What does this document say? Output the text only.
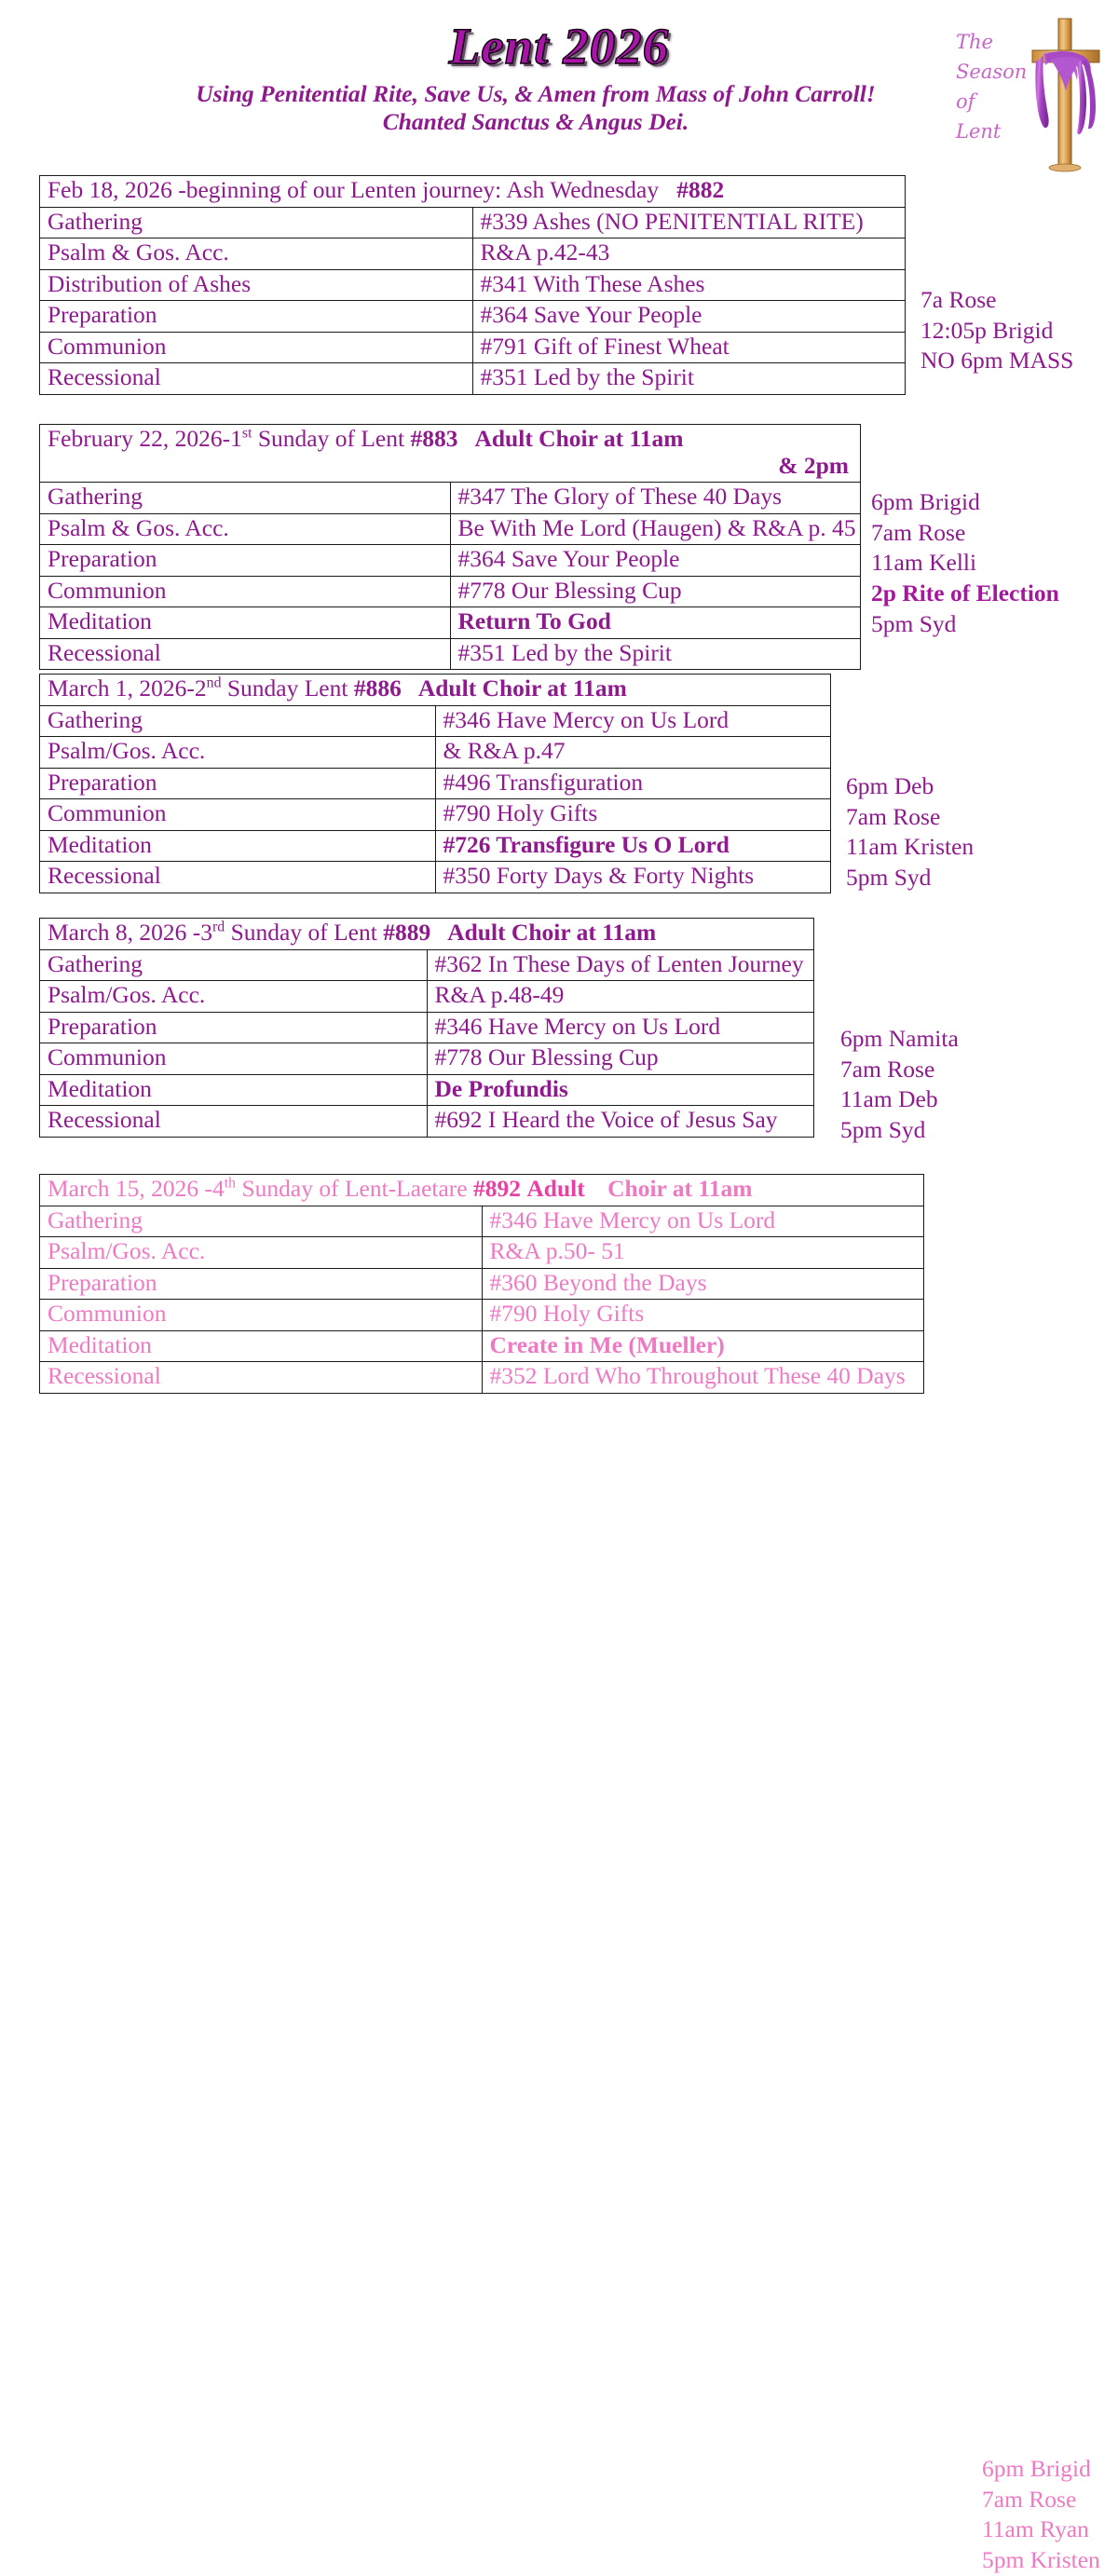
Lent 2026
Using Penitential Rite, Save Us, & Amen from Mass of John Carroll!
Chanted Sanctus & Angus Dei.
The
Season
of
Lent
Feb 18, 2026 -beginning of our Lenten journey: Ash Wednesday #882	
Gathering	#339 Ashes (NO PENITENTIAL RITE)
Psalm & Gos. Acc.	R&A p.42-43
Distribution of Ashes	#341 With These Ashes
Preparation	#364 Save Your People
Communion	#791 Gift of Finest Wheat
Recessional	#351 Led by the Spirit
7a Rose
12:05p Brigid
NO 6pm MASS
February 22, 2026-1st Sunday of Lent #883 Adult Choir at 11am
& 2pm	

Gathering	#347 The Glory of These 40 Days
Psalm & Gos. Acc.	Be With Me Lord (Haugen) & R&A p. 45
Preparation	#364 Save Your People
Communion	#778 Our Blessing Cup
Meditation	Return To God
Recessional	#351 Led by the Spirit
6pm Brigid
7am Rose
11am Kelli
2p Rite of Election
5pm Syd
March 1, 2026-2nd Sunday Lent #886 Adult Choir at 11am	
Gathering	#346 Have Mercy on Us Lord
Psalm/Gos. Acc.	& R&A p.47
Preparation	#496 Transfiguration
Communion	#790 Holy Gifts
Meditation	#726 Transfigure Us O Lord
Recessional	#350 Forty Days & Forty Nights
6pm Deb
7am Rose
11am Kristen
5pm Syd
March 8, 2026 -3rd Sunday of Lent #889 Adult Choir at 11am	
Gathering	#362 In These Days of Lenten Journey
Psalm/Gos. Acc.	R&A p.48-49
Preparation	#346 Have Mercy on Us Lord
Communion	#778 Our Blessing Cup
Meditation	De Profundis
Recessional	#692 I Heard the Voice of Jesus Say
6pm Namita
7am Rose
11am Deb
5pm Syd
March 15, 2026 -4th Sunday of Lent-Laetare #892 Adult Choir at 11am	
Gathering	#346 Have Mercy on Us Lord
Psalm/Gos. Acc.	R&A p.50- 51
Preparation	#360 Beyond the Days
Communion	#790 Holy Gifts
Meditation	Create in Me (Mueller)
Recessional	#352 Lord Who Throughout These 40 Days
6pm Brigid
7am Rose
11am Ryan
5pm Kristen
